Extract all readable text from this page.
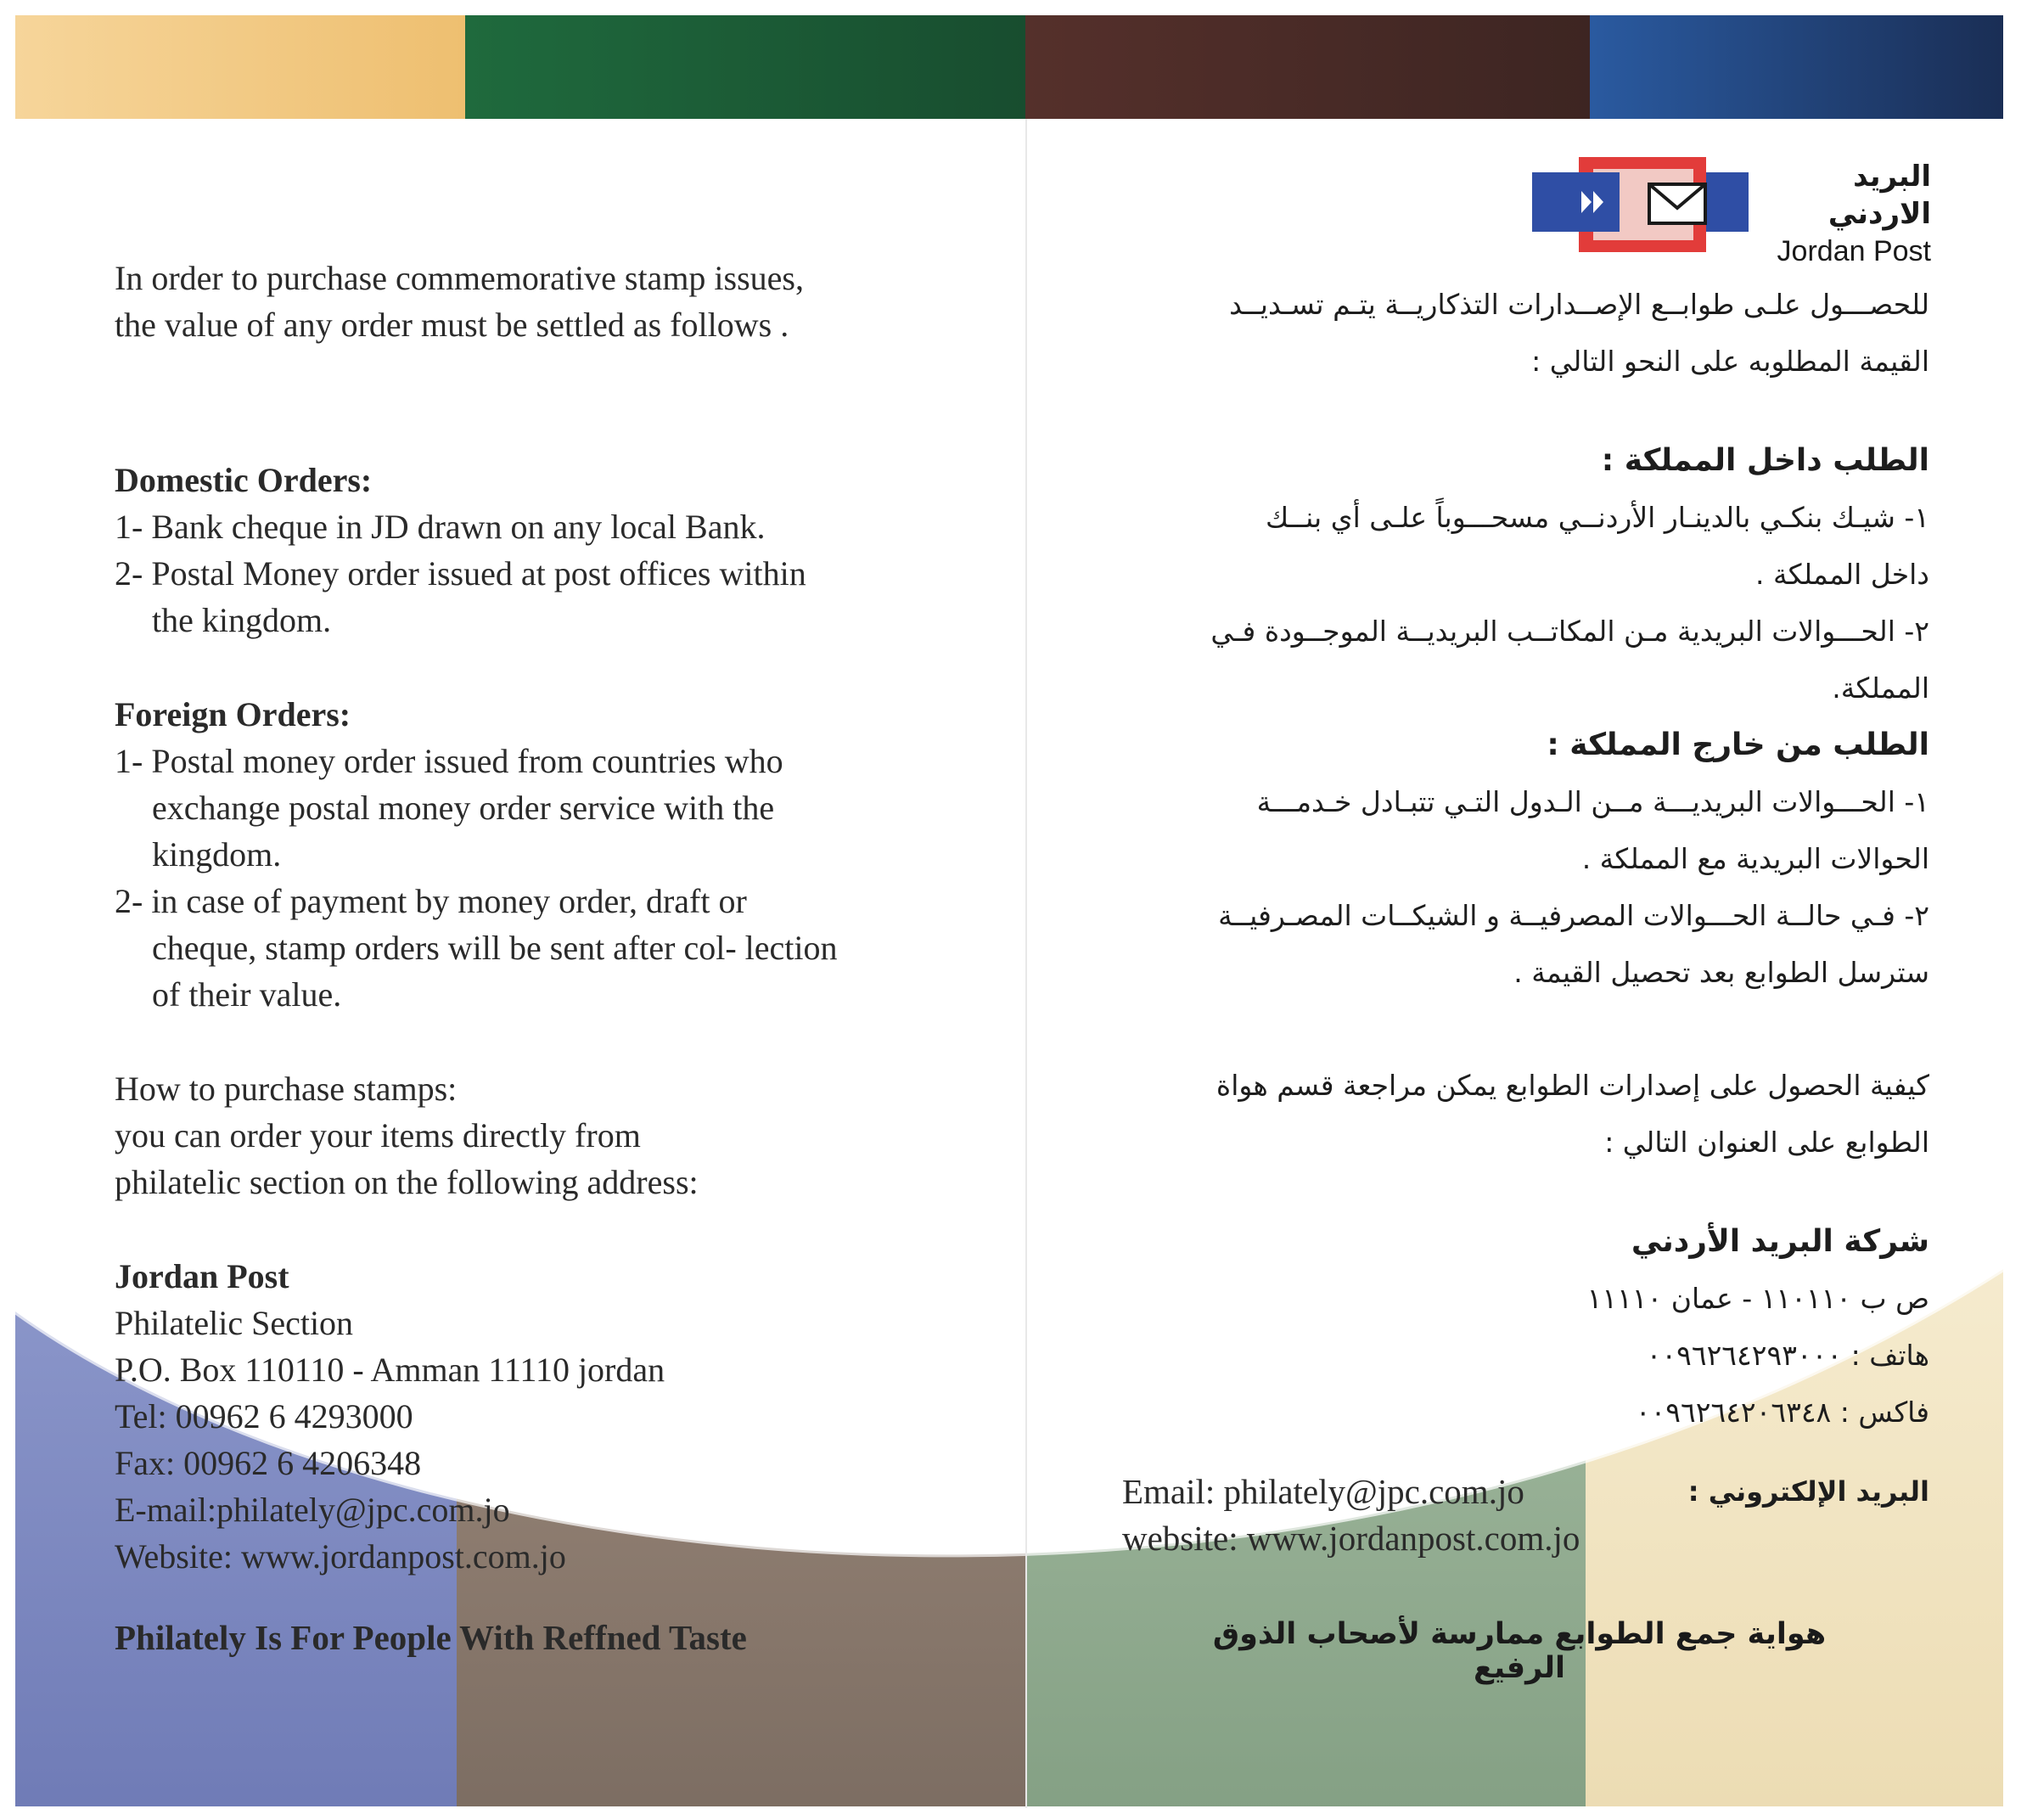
البريد الاردني
Jordan Post

In order to purchase commemorative stamp issues,

the value of any order must be settled as follows .

Domestic Orders:

1- Bank cheque in JD drawn on any local Bank.

2- Postal Money order issued at post offices within

the kingdom.

Foreign Orders:

1- Postal money order issued from countries who

exchange postal money order service with the

kingdom.

2- in case of payment by money order, draft or

cheque, stamp orders will be sent after col- lection

of their value.

How to purchase stamps:

you can order your items directly from

philatelic section on the following address:

Jordan Post

Philatelic Section

P.O. Box 110110 - Amman 11110 jordan

Tel: 00962 6 4293000

Fax: 00962 6 4206348

E-mail:philately@jpc.com.jo

Website: www.jordanpost.com.jo

Philately Is For People With Reffned Taste

للحصـــول علـى طوابــع الإصــدارات التذكاريــة يتـم تسـديــد

القيمة المطلوبه على النحو التالي :

الطلب داخل المملكة :

١- شيـك بنكـي بالدينـار الأردنــي مسحـــوباً علـى أي بنــك

داخل المملكة .

٢- الحـــوالات البريدية مـن المكاتــب البريديــة الموجــودة فـي

المملكة.

الطلب من خارج المملكة :

١- الحـــوالات البريديـــة مــن الـدول التـي تتبـادل خـدمـــة

الحوالات البريدية مع المملكة .

٢- فـي حالــة الحـــوالات المصرفيــة و الشيكــات المصـرفيــة

سترسل الطوابع بعد تحصيل القيمة .

كيفية الحصول على إصدارات الطوابع يمكن مراجعة قسم هواة

الطوابع على العنوان التالي :

شركة البريد الأردني

ص ب ١١٠١١٠ - عمان ١١١١٠

هاتف : ٠٠٩٦٢٦٤٢٩٣٠٠٠

فاكس : ٠٠٩٦٢٦٤٢٠٦٣٤٨

البريد الإلكتروني :
Email: philately@jpc.com.jo
website: www.jordanpost.com.jo
هواية جمع الطوابع ممارسة لأصحاب الذوق الرفيع
